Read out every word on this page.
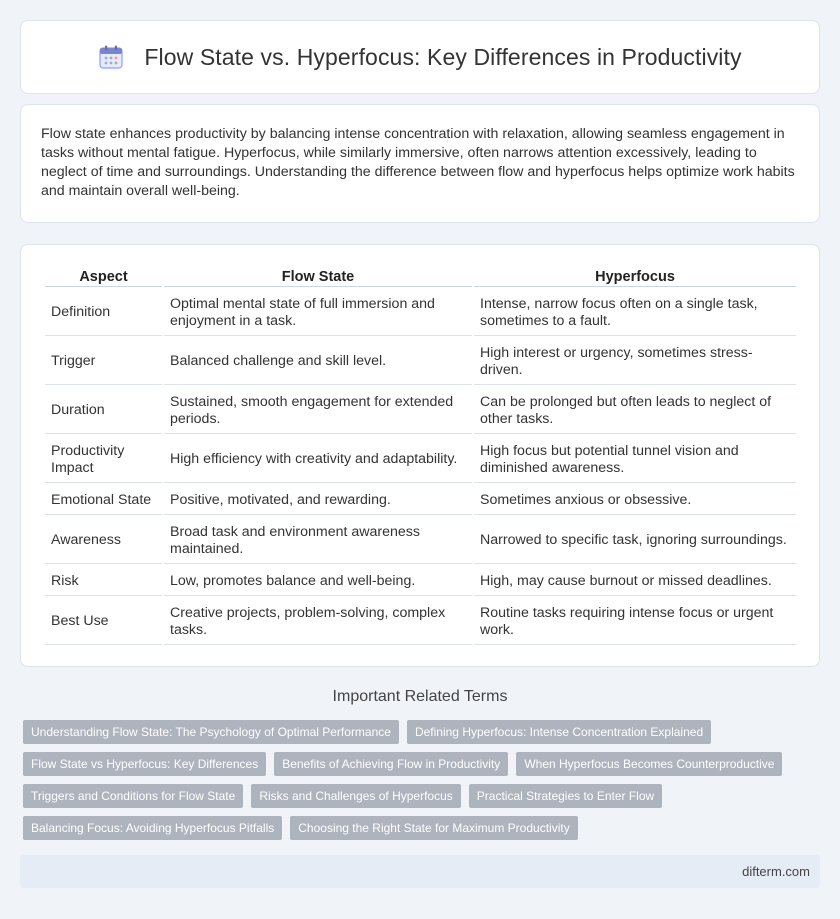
Flow State vs. Hyperfocus: Key Differences in Productivity

Flow state enhances productivity by balancing intense concentration with relaxation, allowing seamless engagement in tasks without mental fatigue. Hyperfocus, while similarly immersive, often narrows attention excessively, leading to neglect of time and surroundings. Understanding the difference between flow and hyperfocus helps optimize work habits and maintain overall well-being.

Aspect	Flow State	Hyperfocus
Definition	Optimal mental state of full immersion and enjoyment in a task.	Intense, narrow focus often on a single task, sometimes to a fault.
Trigger	Balanced challenge and skill level.	High interest or urgency, sometimes stress-driven.
Duration	Sustained, smooth engagement for extended periods.	Can be prolonged but often leads to neglect of other tasks.
Productivity Impact	High efficiency with creativity and adaptability.	High focus but potential tunnel vision and diminished awareness.
Emotional State	Positive, motivated, and rewarding.	Sometimes anxious or obsessive.
Awareness	Broad task and environment awareness maintained.	Narrowed to specific task, ignoring surroundings.
Risk	Low, promotes balance and well-being.	High, may cause burnout or missed deadlines.
Best Use	Creative projects, problem-solving, complex tasks.	Routine tasks requiring intense focus or urgent work.
Important Related Terms
Understanding Flow State: The Psychology of Optimal Performance	Defining Hyperfocus: Intense Concentration Explained
Flow State vs Hyperfocus: Key Differences	Benefits of Achieving Flow in Productivity	When Hyperfocus Becomes Counterproductive
Triggers and Conditions for Flow State	Risks and Challenges of Hyperfocus	Practical Strategies to Enter Flow
Balancing Focus: Avoiding Hyperfocus Pitfalls	Choosing the Right State for Maximum Productivity
difterm.com
